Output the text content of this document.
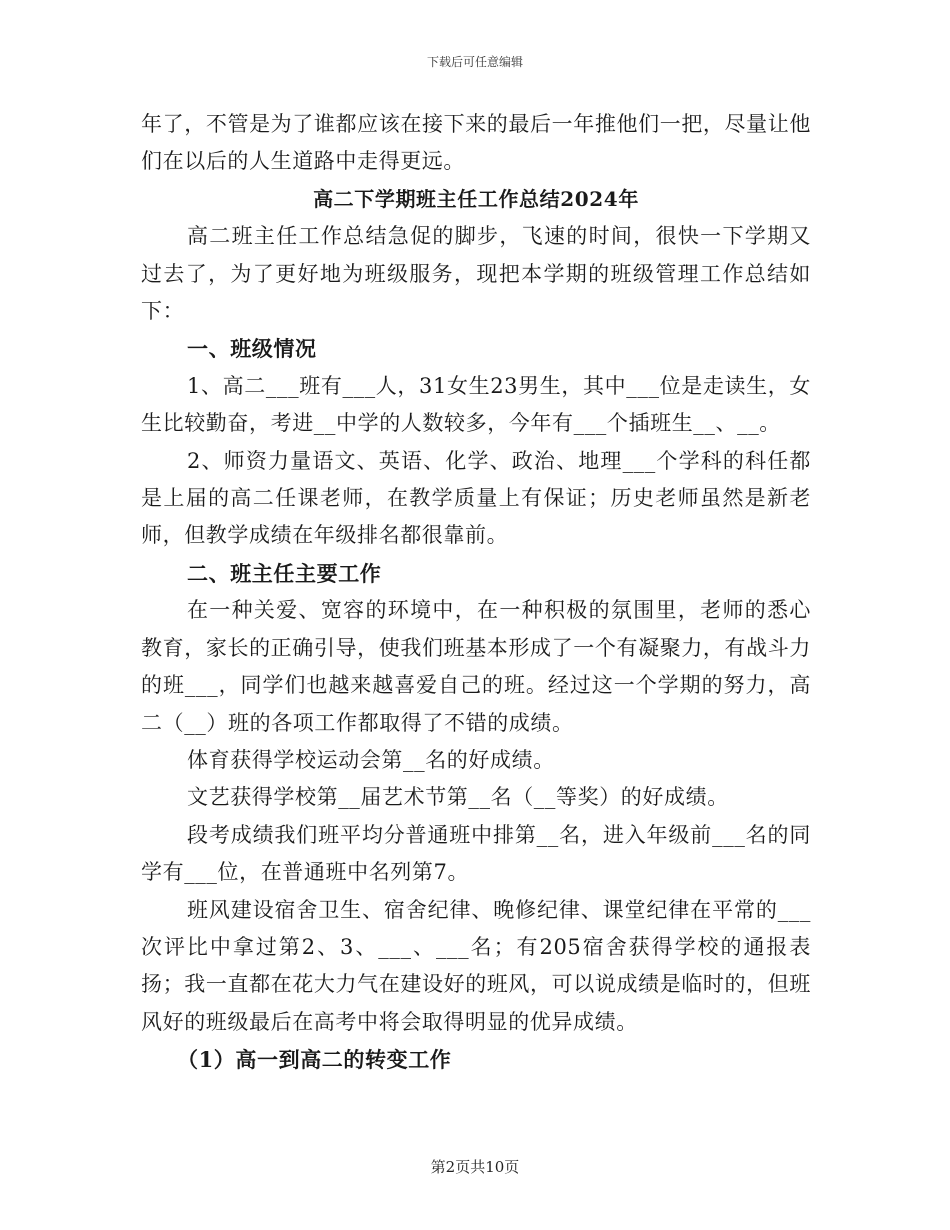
下载后可任意编辑

年了，不管是为了谁都应该在接下来的最后一年推他们一把，尽量让他们在以后的人生道路中走得更远。

高二下学期班主任工作总结2024年

高二班主任工作总结急促的脚步，飞速的时间，很快一下学期又过去了，为了更好地为班级服务，现把本学期的班级管理工作总结如下：

一、班级情况

1、高二___班有___人，31女生23男生，其中___位是走读生，女生比较勤奋，考进__中学的人数较多，今年有___个插班生__、__。

2、师资力量语文、英语、化学、政治、地理___个学科的科任都是上届的高二任课老师，在教学质量上有保证；历史老师虽然是新老师，但教学成绩在年级排名都很靠前。

二、班主任主要工作

在一种关爱、宽容的环境中，在一种积极的氛围里，老师的悉心教育，家长的正确引导，使我们班基本形成了一个有凝聚力，有战斗力的班___，同学们也越来越喜爱自己的班。经过这一个学期的努力，高二（__）班的各项工作都取得了不错的成绩。

体育获得学校运动会第__名的好成绩。

文艺获得学校第__届艺术节第__名（__等奖）的好成绩。

段考成绩我们班平均分普通班中排第__名，进入年级前___名的同学有___位，在普通班中名列第7。

班风建设宿舍卫生、宿舍纪律、晚修纪律、课堂纪律在平常的___次评比中拿过第2、3、___、___名；有205宿舍获得学校的通报表扬；我一直都在花大力气在建设好的班风，可以说成绩是临时的，但班风好的班级最后在高考中将会取得明显的优异成绩。

（1）高一到高二的转变工作

第2页共10页
